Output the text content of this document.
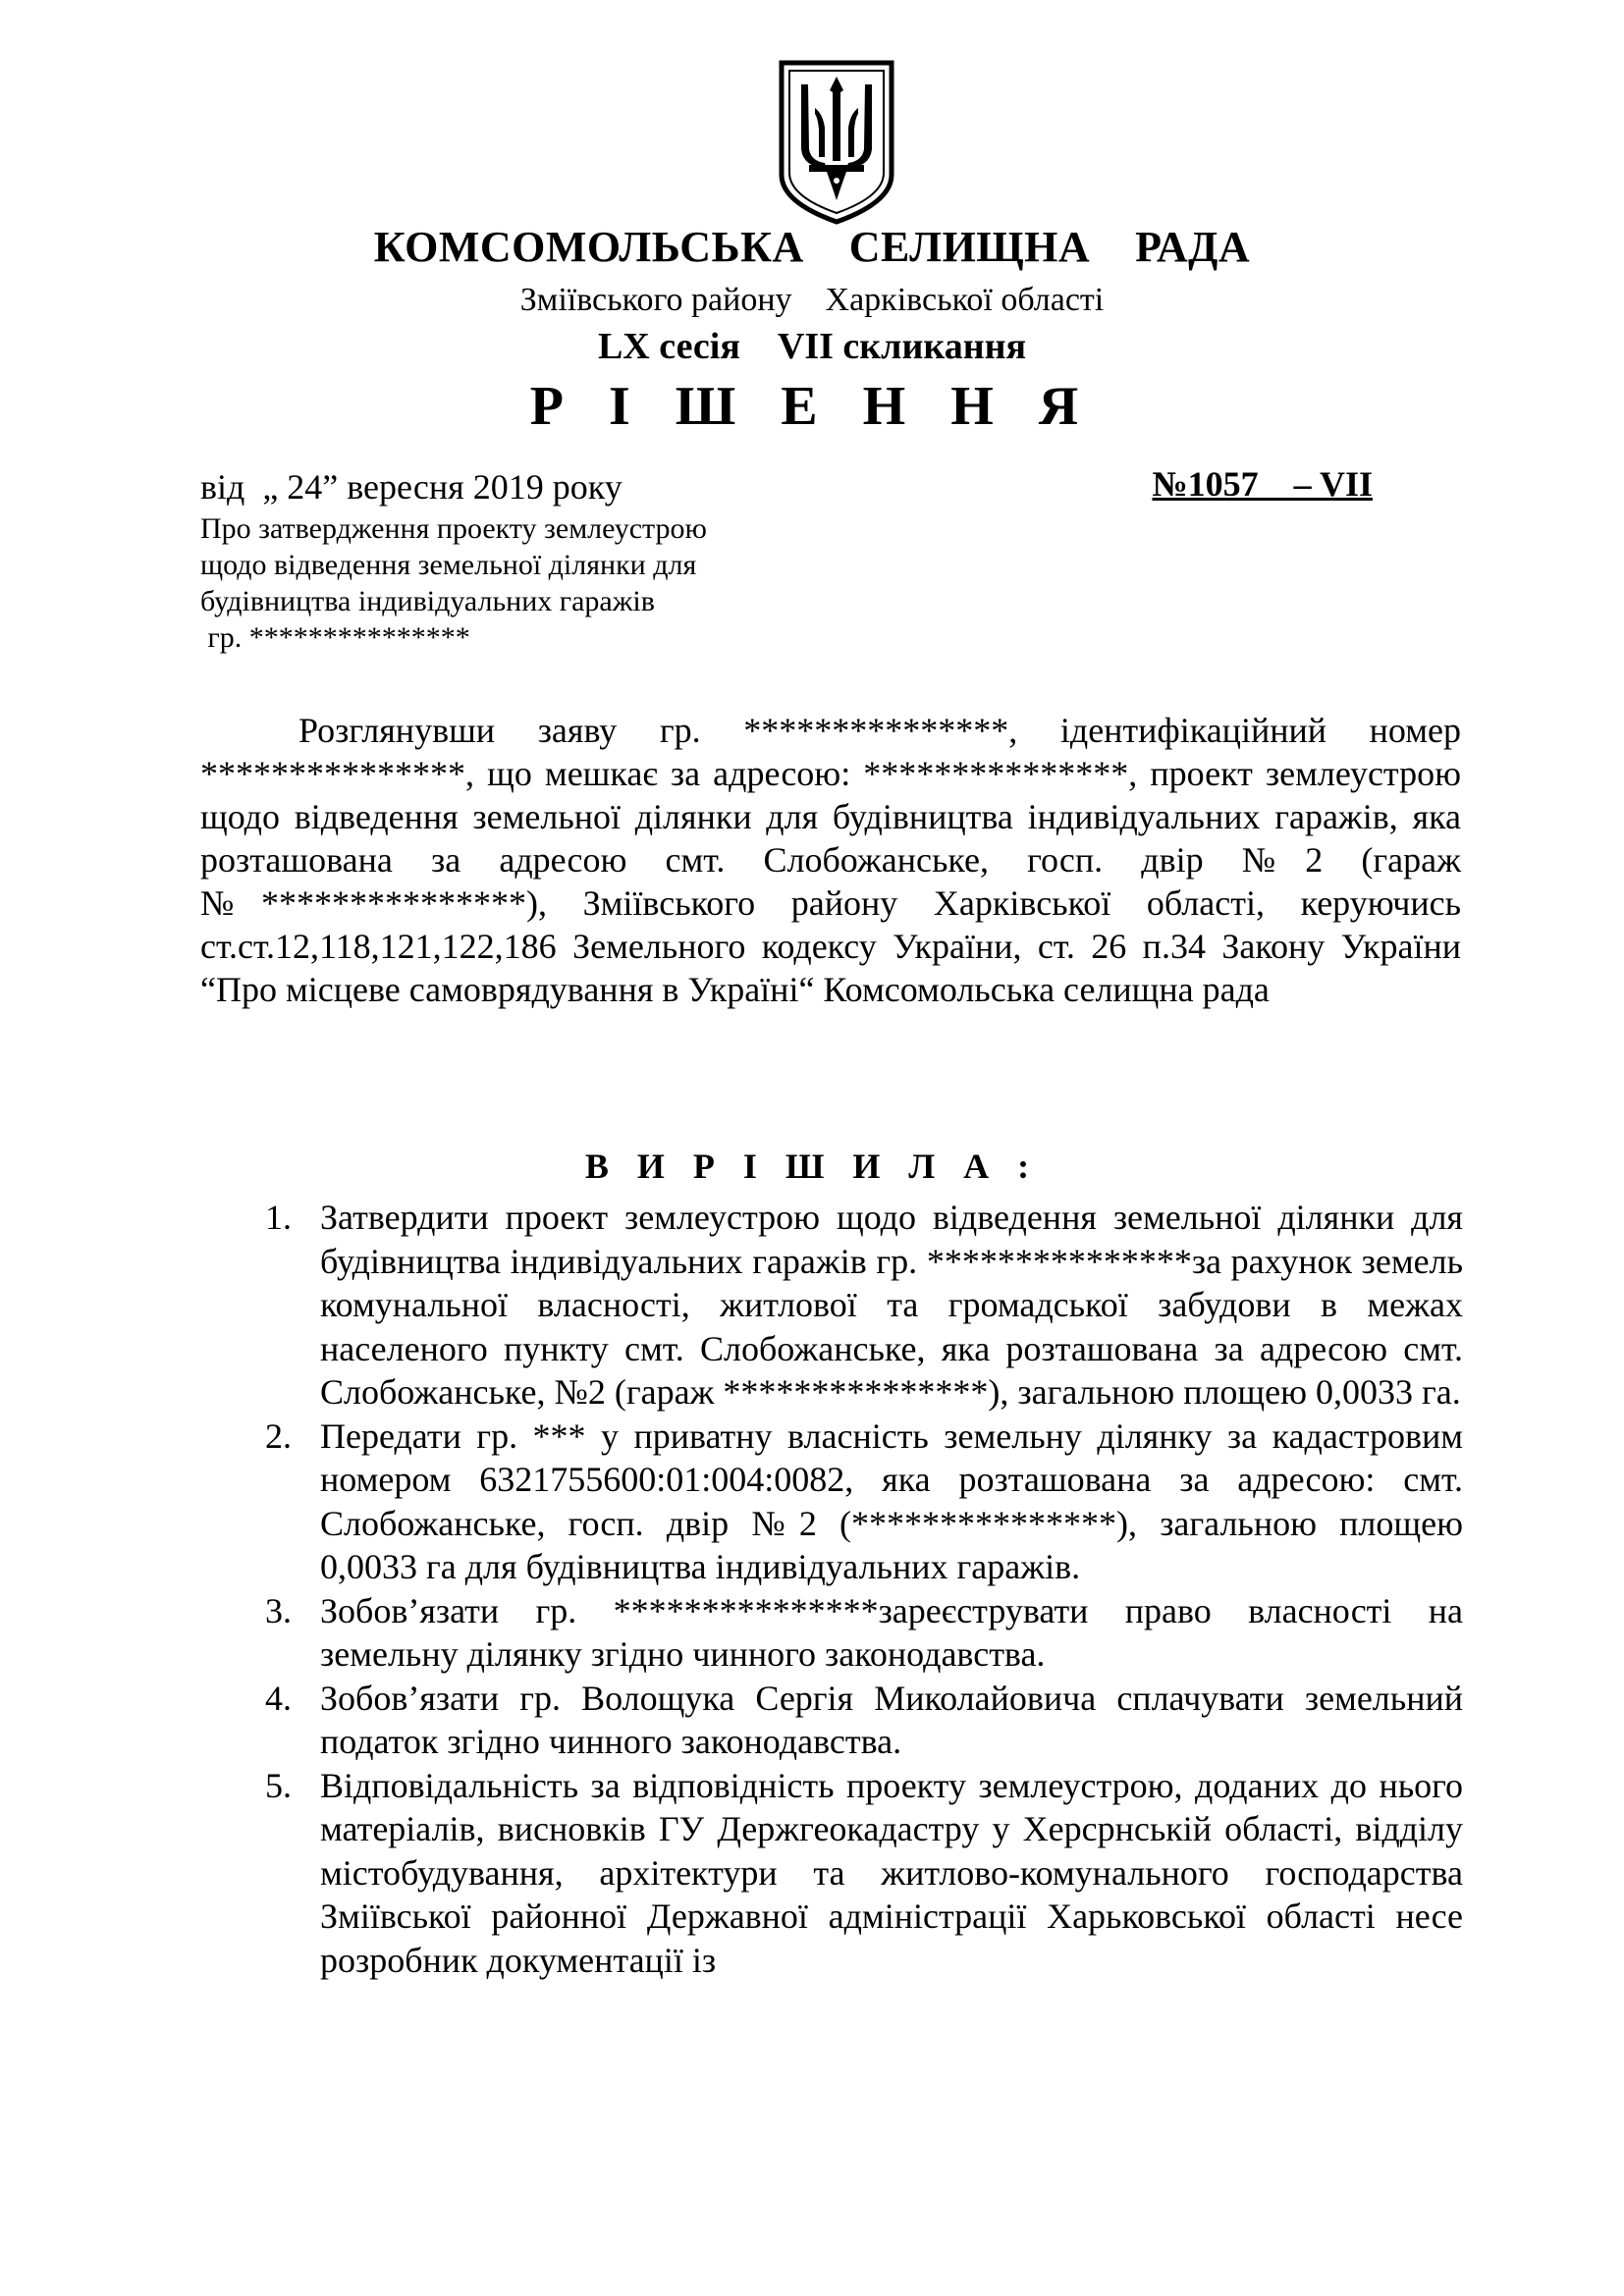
КОМСОМОЛЬСЬКА    СЕЛИЩНА    РАДА
Зміївського району    Харківської області
LX сесія    VII скликання
Р І Ш Е Н Н Я
від  „ 24” вересня 2019 року	№1057    – VII
Про затвердження проекту землеустрою
щодо відведення земельної ділянки для
будівництва індивідуальних гаражів
гр. ***************
Розглянувши заяву гр. ***************, ідентифікаційний номер ***************, що мешкає за адресою: ***************, проект землеустрою щодо відведення земельної ділянки для будівництва індивідуальних гаражів, яка розташована за адресою смт. Слобожанське, госп. двір №2 (гараж №***************), Зміївського району Харківської області, керуючись ст.ст.12,118,121,122,186 Земельного кодексу України, ст. 26 п.34 Закону України “Про місцеве самоврядування в Україні“ Комсомольська селищна рада
В И Р І Ш И Л А :
1. Затвердити проект землеустрою щодо відведення земельної ділянки для будівництва індивідуальних гаражів гр. ***************за рахунок земель комунальної власності, житлової та громадської забудови в межах населеного пункту смт. Слобожанське, яка розташована за адресою смт. Слобожанське, №2 (гараж ***************), загальною площею 0,0033 га.
2. Передати гр. *** у приватну власність земельну ділянку за кадастровим номером 6321755600:01:004:0082, яка розташована за адресою: смт. Слобожанське, госп. двір №2 (***************), загальною площею 0,0033 га для будівництва індивідуальних гаражів.
3. Зобов’язати гр. ***************зареєструвати право власності на земельну ділянку згідно чинного законодавства.
4. Зобов’язати гр. Волощука Сергія Миколайовича сплачувати земельний податок згідно чинного законодавства.
5. Відповідальність за відповідність проекту землеустрою, доданих до нього матеріалів, висновків ГУ Держгеокадастру у Херсрнській області, відділу містобудування, архітектури та житлово-комунального господарства Зміївської районної Державної адміністрації Харьковської області несе розробник документації із
